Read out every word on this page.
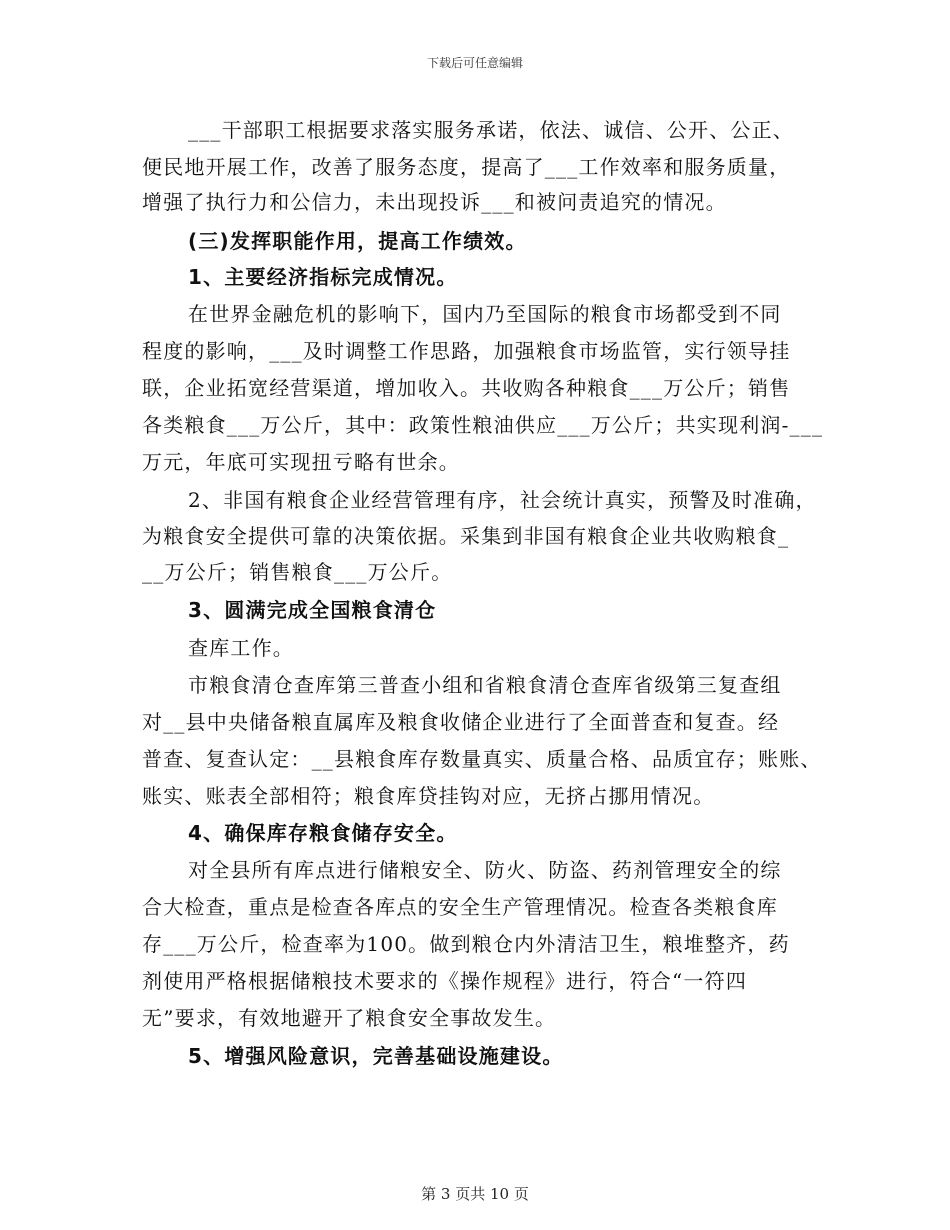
下载后可任意编辑
___干部职工根据要求落实服务承诺，依法、诚信、公开、公正、
便民地开展工作，改善了服务态度，提高了___工作效率和服务质量，
增强了执行力和公信力，未出现投诉___和被问责追究的情况。
(三)发挥职能作用，提高工作绩效。
1、主要经济指标完成情况。
在世界金融危机的影响下，国内乃至国际的粮食市场都受到不同
程度的影响，___及时调整工作思路，加强粮食市场监管，实行领导挂
联，企业拓宽经营渠道，增加收入。共收购各种粮食___万公斤；销售
各类粮食___万公斤，其中：政策性粮油供应___万公斤；共实现利润-___
万元，年底可实现扭亏略有世余。
2、非国有粮食企业经营管理有序，社会统计真实，预警及时准确，
为粮食安全提供可靠的决策依据。采集到非国有粮食企业共收购粮食_
__万公斤；销售粮食___万公斤。
3、圆满完成全国粮食清仓
查库工作。
市粮食清仓查库第三普查小组和省粮食清仓查库省级第三复查组
对__县中央储备粮直属库及粮食收储企业进行了全面普查和复查。经
普查、复查认定：__县粮食库存数量真实、质量合格、品质宜存；账账、
账实、账表全部相符；粮食库贷挂钩对应，无挤占挪用情况。
4、确保库存粮食储存安全。
对全县所有库点进行储粮安全、防火、防盗、药剂管理安全的综
合大检查，重点是检查各库点的安全生产管理情况。检查各类粮食库
存___万公斤，检查率为100。做到粮仓内外清洁卫生，粮堆整齐，药
剂使用严格根据储粮技术要求的《操作规程》进行，符合“一符四
无”要求，有效地避开了粮食安全事故发生。
5、增强风险意识，完善基础设施建设。
第 3 页共 10 页
